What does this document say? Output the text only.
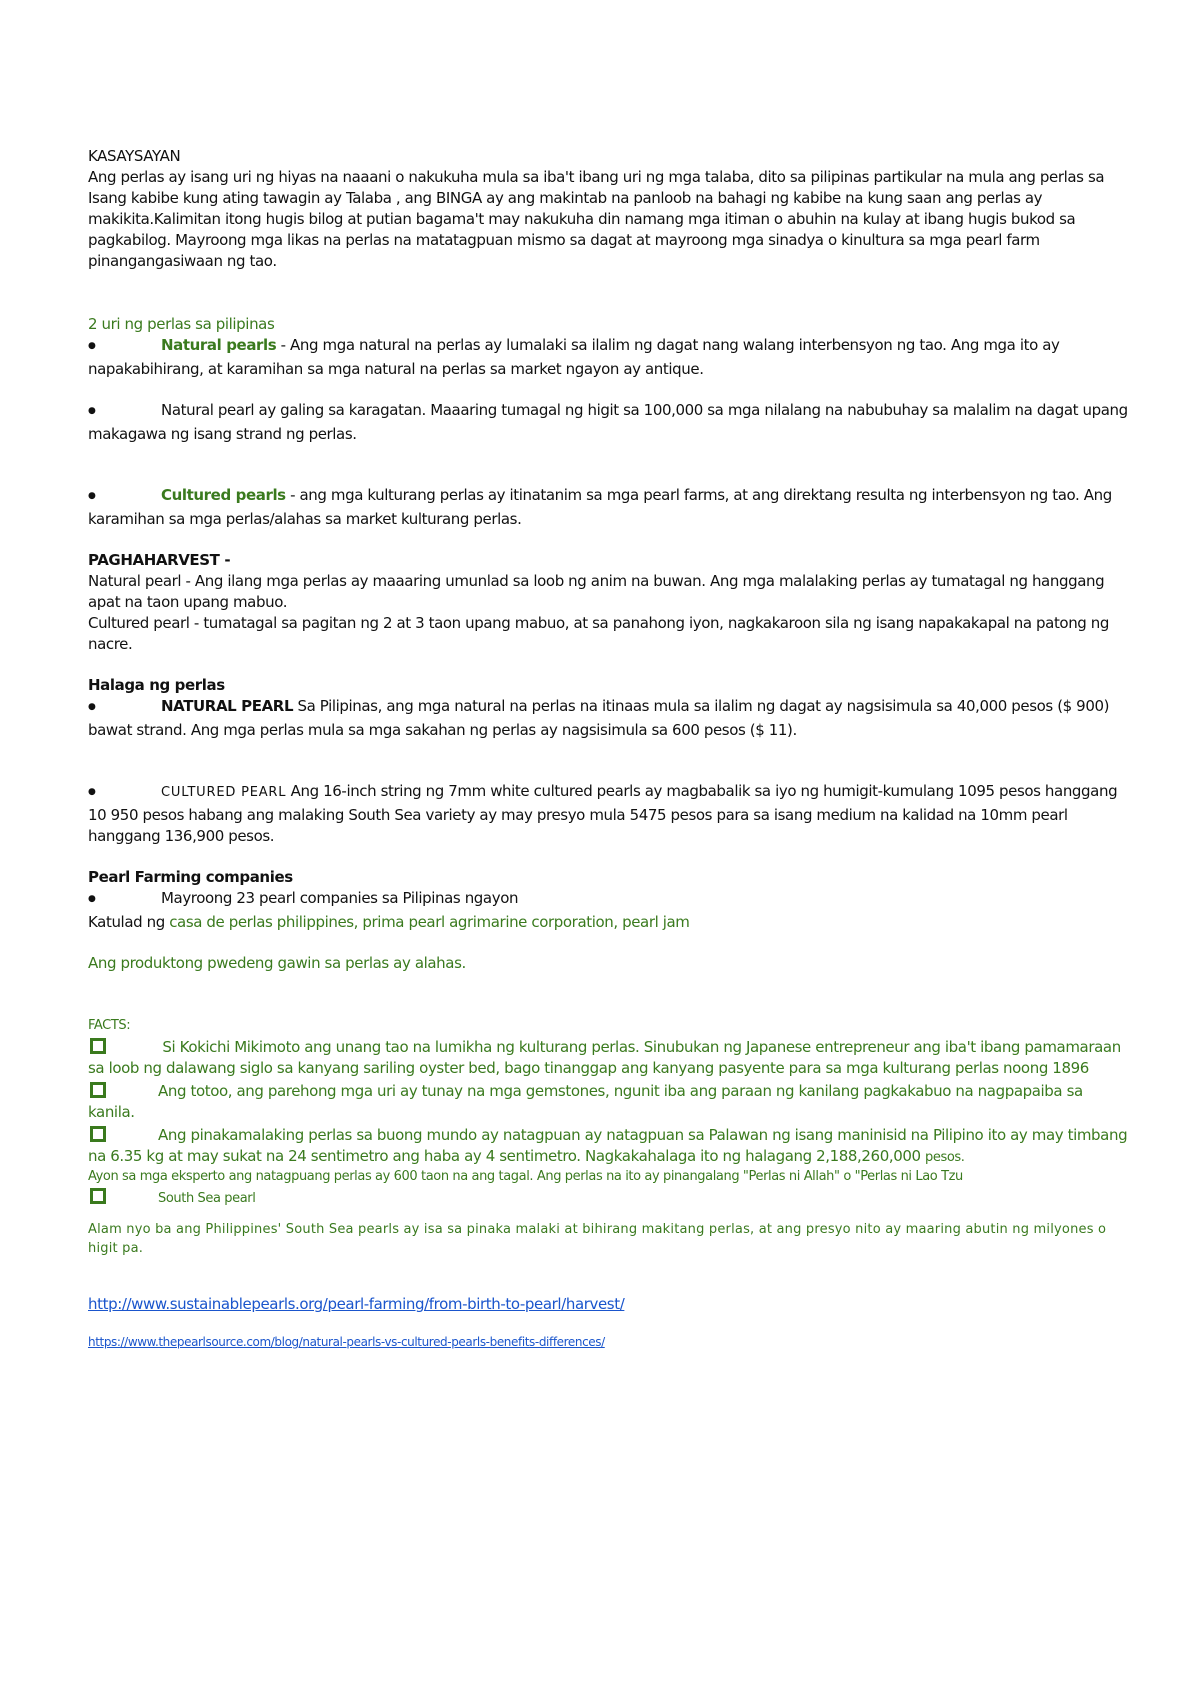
KASAYSAYAN

Ang perlas ay isang uri ng hiyas na naaani o nakukuha mula sa iba't ibang uri ng mga talaba, dito sa pilipinas partikular na mula ang perlas sa Isang kabibe kung ating tawagin ay Talaba , ang BINGA ay ang makintab na panloob na bahagi ng kabibe na kung saan ang perlas ay makikita.Kalimitan itong hugis bilog at putian bagama't may nakukuha din namang mga itiman o abuhin na kulay at ibang hugis bukod sa pagkabilog. Mayroong mga likas na perlas na matatagpuan mismo sa dagat at mayroong mga sinadya o kinultura sa mga pearl farm pinangangasiwaan ng tao.

2 uri ng perlas sa pilipinas

●Natural pearls - Ang mga natural na perlas ay lumalaki sa ilalim ng dagat nang walang interbensyon ng tao. Ang mga ito ay napakabihirang, at karamihan sa mga natural na perlas sa market ngayon ay antique.

●Natural pearl ay galing sa karagatan. Maaaring tumagal ng higit sa 100,000 sa mga nilalang na nabubuhay sa malalim na dagat upang makagawa ng isang strand ng perlas.

●Cultured pearls - ang mga kulturang perlas ay itinatanim sa mga pearl farms, at ang direktang resulta ng interbensyon ng tao. Ang karamihan sa mga perlas/alahas sa market kulturang perlas.

PAGHAHARVEST -

Natural pearl - Ang ilang mga perlas ay maaaring umunlad sa loob ng anim na buwan. Ang mga malalaking perlas ay tumatagal ng hanggang apat na taon upang mabuo.

Cultured pearl - tumatagal sa pagitan ng 2 at 3 taon upang mabuo, at sa panahong iyon, nagkakaroon sila ng isang napakakapal na patong ng nacre.

Halaga ng perlas

●NATURAL PEARL Sa Pilipinas, ang mga natural na perlas na itinaas mula sa ilalim ng dagat ay nagsisimula sa 40,000 pesos ($ 900) bawat strand. Ang mga perlas mula sa mga sakahan ng perlas ay nagsisimula sa 600 pesos ($ 11).

●CULTURED PEARL Ang 16-inch string ng 7mm white cultured pearls ay magbabalik sa iyo ng humigit-kumulang 1095 pesos hanggang 10 950 pesos habang ang malaking South Sea variety ay may presyo mula 5475 pesos para sa isang medium na kalidad na 10mm pearl hanggang 136,900 pesos.

Pearl Farming companies

●Mayroong 23 pearl companies sa Pilipinas ngayon

Katulad ng casa de perlas philippines, prima pearl agrimarine corporation, pearl jam

Ang produktong pwedeng gawin sa perlas ay alahas.

FACTS:

Si Kokichi Mikimoto ang unang tao na lumikha ng kulturang perlas. Sinubukan ng Japanese entrepreneur ang iba't ibang pamamaraan sa loob ng dalawang siglo sa kanyang sariling oyster bed, bago tinanggap ang kanyang pasyente para sa mga kulturang perlas noong 1896

Ang totoo, ang parehong mga uri ay tunay na mga gemstones, ngunit iba ang paraan ng kanilang pagkakabuo na nagpapaiba sa kanila.

Ang pinakamalaking perlas sa buong mundo ay natagpuan ay natagpuan sa Palawan ng isang maninisid na Pilipino ito ay may timbang na 6.35 kg at may sukat na 24 sentimetro ang haba ay 4 sentimetro. Nagkakahalaga ito ng halagang 2,188,260,000 pesos.

Ayon sa mga eksperto ang natagpuang perlas ay 600 taon na ang tagal. Ang perlas na ito ay pinangalang "Perlas ni Allah" o "Perlas ni Lao Tzu

South Sea pearl

Alam nyo ba ang Philippines' South Sea pearls ay isa sa pinaka malaki at bihirang makitang perlas, at ang presyo nito ay maaring abutin ng milyones o higit pa.

http://www.sustainablepearls.org/pearl-farming/from-birth-to-pearl/harvest/

https://www.thepearlsource.com/blog/natural-pearls-vs-cultured-pearls-benefits-differences/
